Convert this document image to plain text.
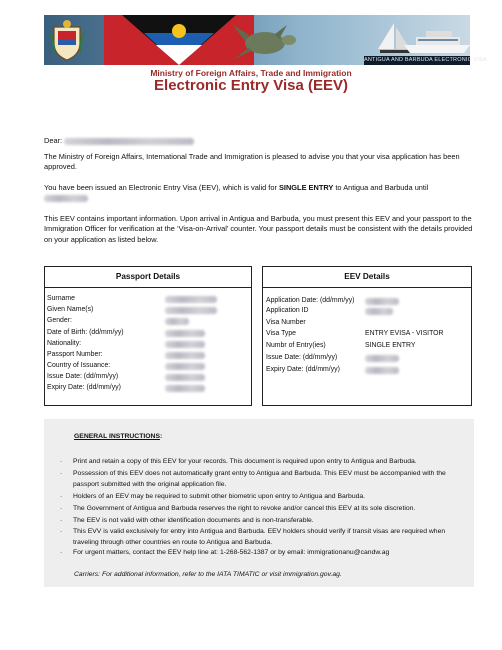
ANTIGUA AND BARBUDA ELECTRONIC VISA
Ministry of Foreign Affairs, Trade and Immigration
Electronic Entry Visa (EEV)
Dear:
The Ministry of Foreign Affairs, International Trade and Immigration is pleased to advise you that your visa application has been approved.
You have been issued an Electronic Entry Visa (EEV), which is valid for SINGLE ENTRY to Antigua and Barbuda until

This EEV contains important information. Upon arrival in Antigua and Barbuda, you must present this EEV and your passport to the Immigration Officer for verification at the ‘Visa-on-Arrival’ counter. Your passport details must be consistent with the details provided on your application as listed below.
Passport Details
Surname
Given Name(s)
Gender:
Date of Birth: (dd/mm/yy)
Nationality:
Passport Number:
Country of Issuance:
Issue Date: (dd/mm/yy)
Expiry Date: (dd/mm/yy)
EEV Details
Application Date: (dd/mm/yy)
Application ID
Visa Number
Visa Type	ENTRY EVISA - VISITOR
Numbr of Entry(ies)	SINGLE ENTRY
Issue Date: (dd/mm/yy)
Expiry Date: (dd/mm/yy)
GENERAL INSTRUCTIONS:
· Print and retain a copy of this EEV for your records. This document is required upon entry to Antigua and Barbuda.
· Possession of this EEV does not automatically grant entry to Antigua and Barbuda. This EEV must be accompanied with the passport submitted with the original application file.
· Holders of an EEV may be required to submit other biometric upon entry to Antigua and Barbuda.
· The Government of Antigua and Barbuda reserves the right to revoke and/or cancel this EEV at its sole discretion.
· The EEV is not valid with other identification documents and is non-transferable.
· This EVV is valid exclusively for entry into Antigua and Barbuda. EEV holders should verify if transit visas are required when traveling through other countries en route to Antigua and Barbuda.
· For urgent matters, contact the EEV help line at: 1-268-562-1387 or by email: immigrationanu@candw.ag
Carriers: For additional information, refer to the IATA TIMATIC or visit immigration.gov.ag.
